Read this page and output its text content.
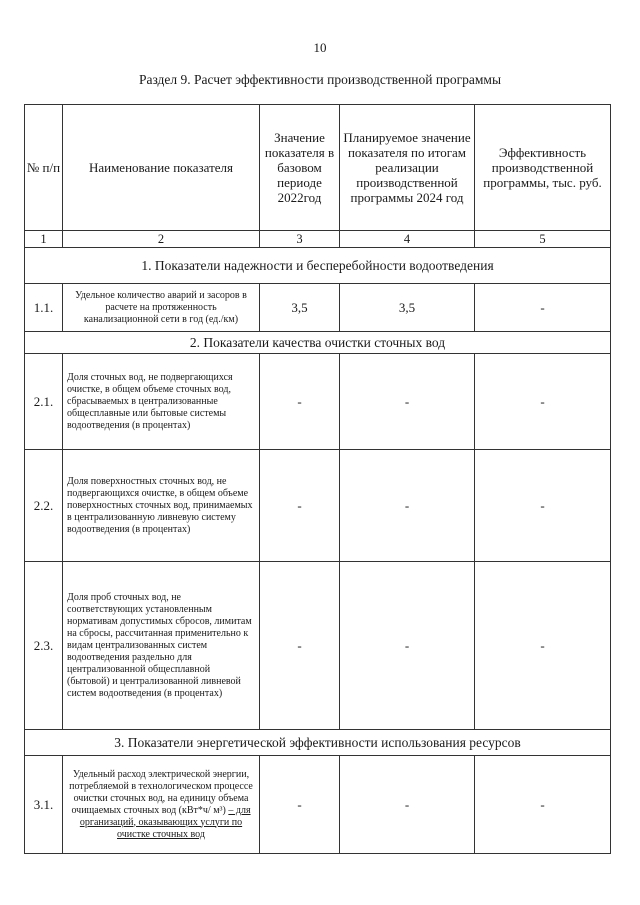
10
Раздел 9. Расчет эффективности производственной программы
№ п/п	Наименование показателя	Значение показателя в базовом периоде 2022год	Планируемое значение показателя по итогам реализации производственной программы 2024 год	Эффективность производственной программы, тыс. руб.
1	2	3	4	5
1. Показатели надежности и бесперебойности водоотведения				
1.1.	Удельное количество аварий и засоров в расчете на протяженность канализационной сети в год (ед./км)	3,5	3,5	-
2. Показатели качества очистки сточных вод				
2.1.	Доля сточных вод, не подвергающихся очистке, в общем объеме сточных вод, сбрасываемых в централизованные общесплавные или бытовые системы водоотведения (в процентах)	-	-	-
2.2.	Доля поверхностных сточных вод, не подвергающихся очистке, в общем объеме поверхностных сточных вод, принимаемых в централизованную ливневую систему водоотведения (в процентах)	-	-	-
2.3.	Доля проб сточных вод, не соответствующих установленным нормативам допустимых сбросов, лимитам на сбросы, рассчитанная применительно к видам централизованных систем водоотведения раздельно для централизованной общесплавной (бытовой) и централизованной ливневой систем водоотведения (в процентах)	-	-	-
3. Показатели энергетической эффективности использования ресурсов				
3.1.	Удельный расход электрической энергии, потребляемой в технологическом процессе очистки сточных вод, на единицу объема очищаемых сточных вод (кВт*ч/ м³) – для организаций, оказывающих услуги по очистке сточных вод	-	-	-
